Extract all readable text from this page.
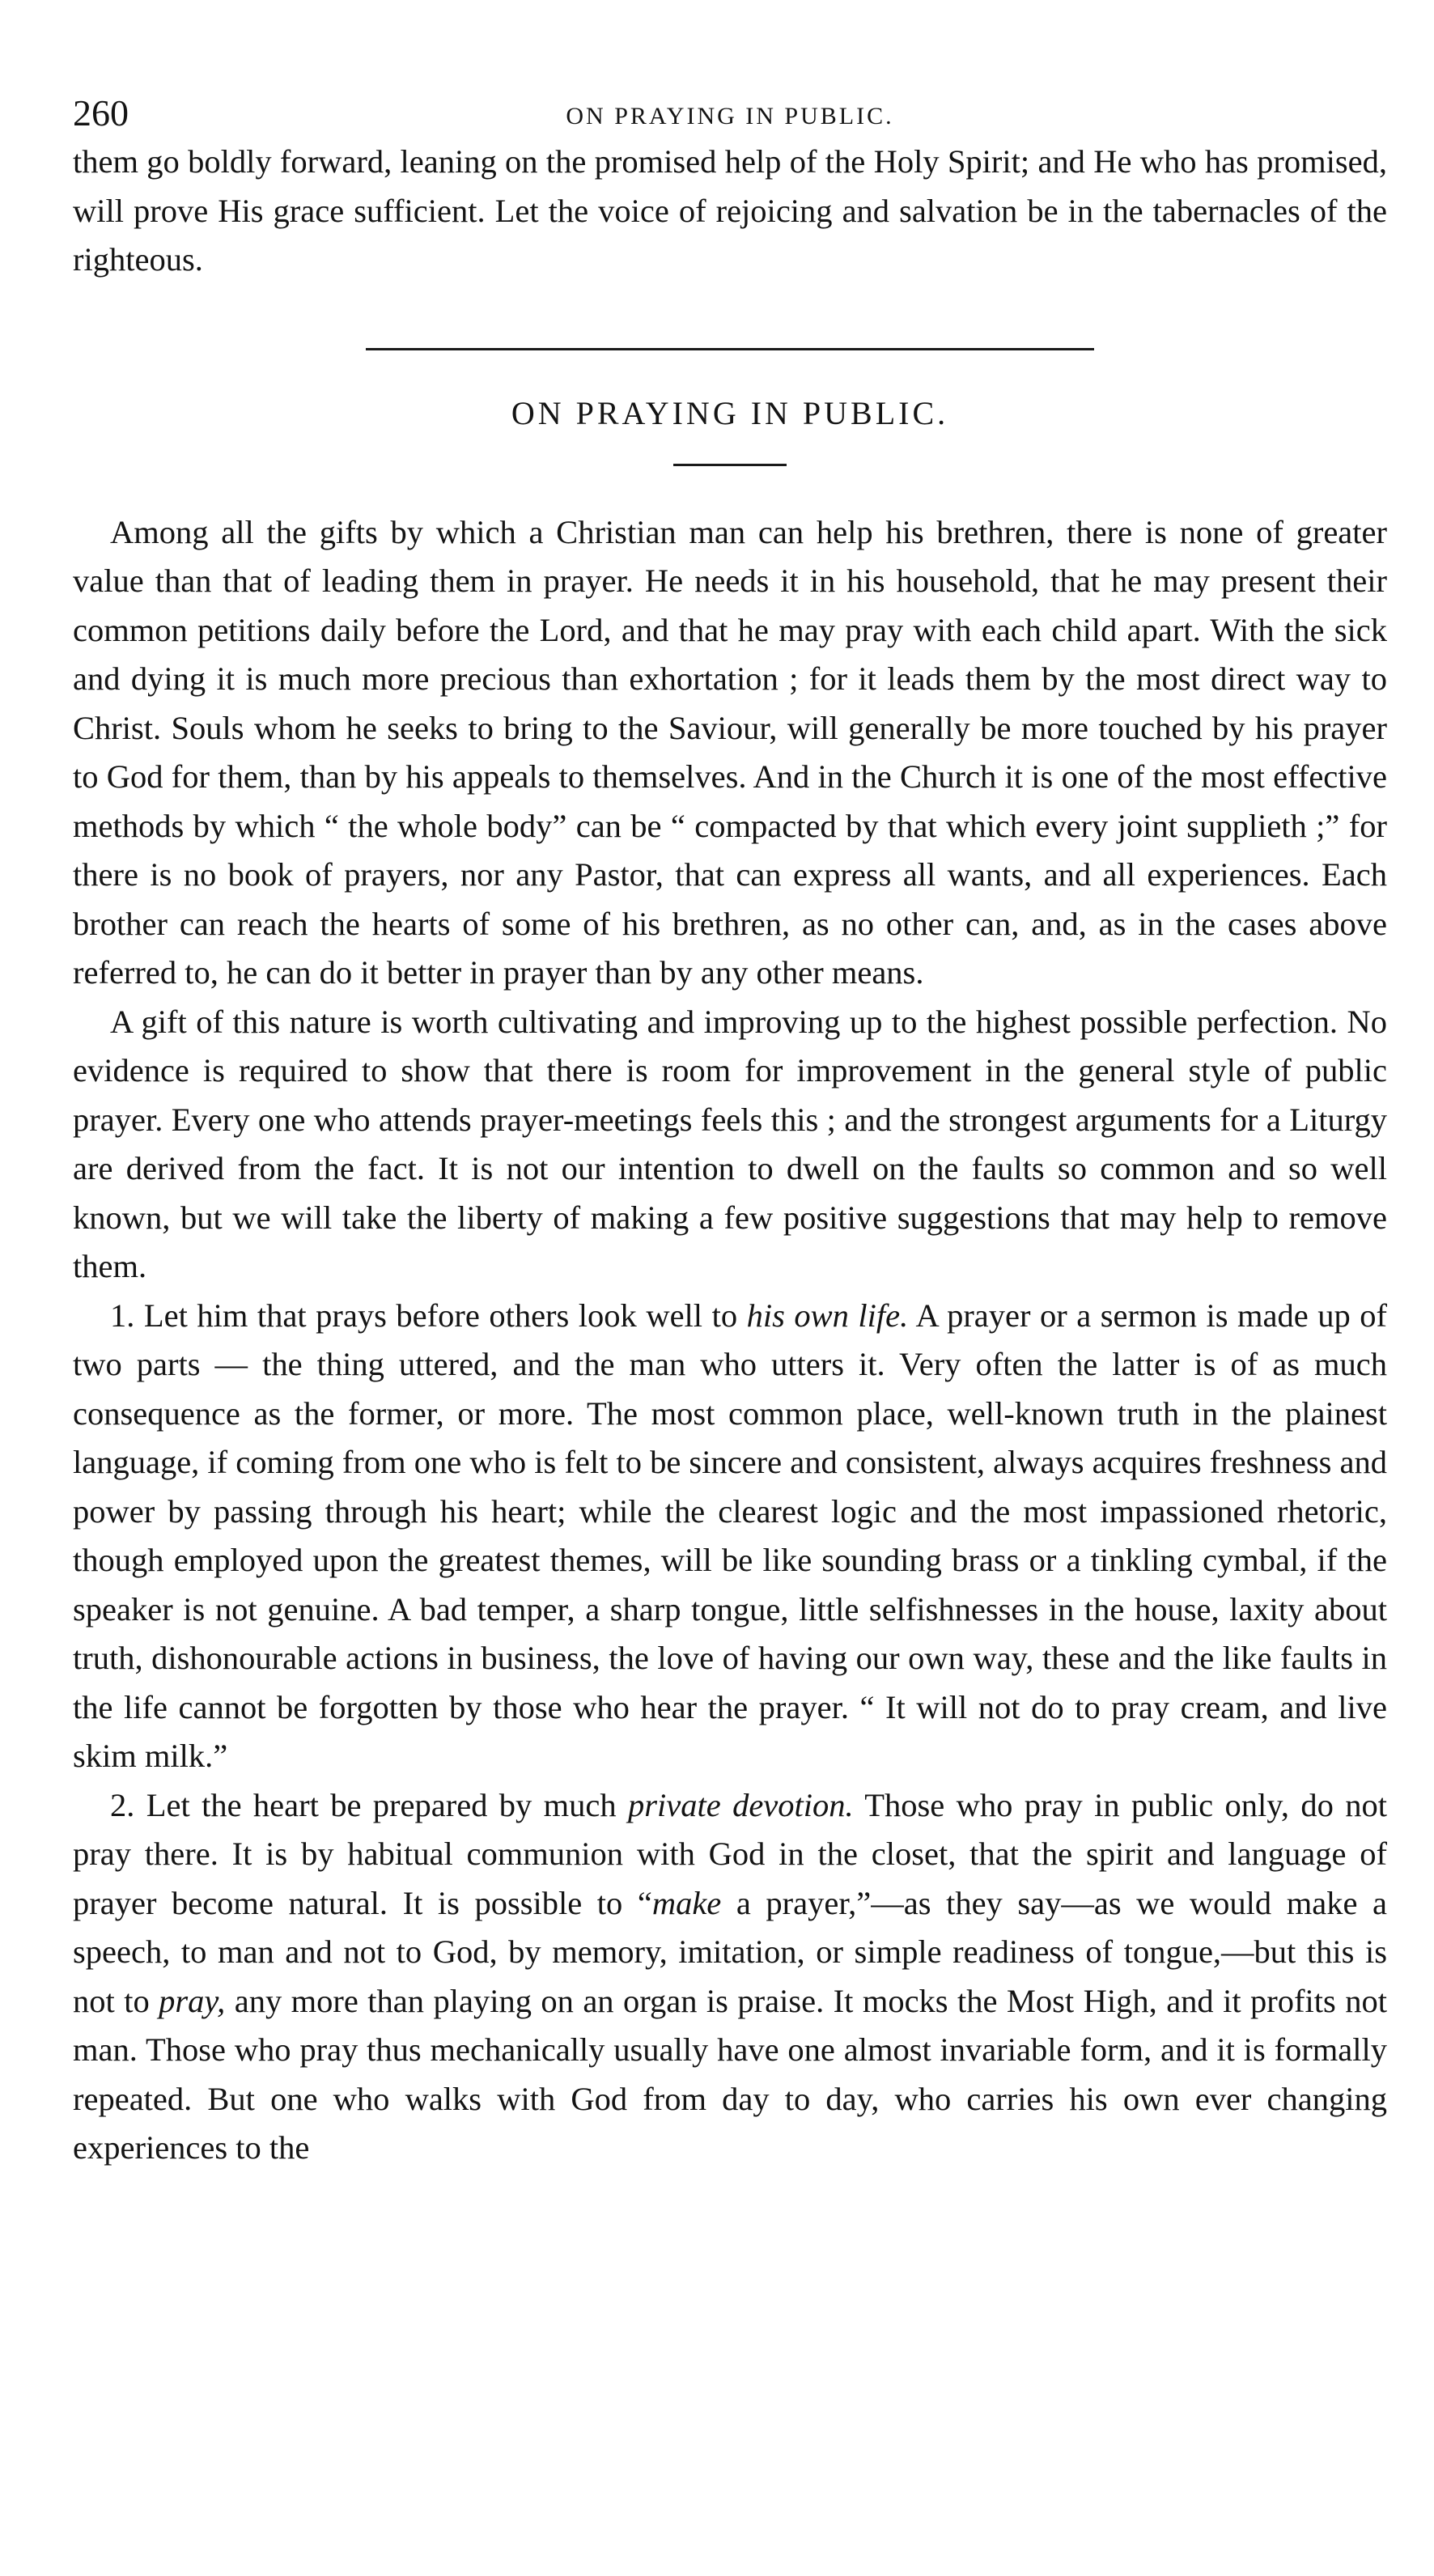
260	ON PRAYING IN PUBLIC.

them go boldly forward, leaning on the promised help of the Holy Spirit; and He who has promised, will prove His grace sufficient. Let the voice of rejoicing and salvation be in the tabernacles of the righteous.

ON PRAYING IN PUBLIC.

Among all the gifts by which a Christian man can help his brethren, there is none of greater value than that of leading them in prayer. He needs it in his household, that he may present their common petitions daily before the Lord, and that he may pray with each child apart. With the sick and dying it is much more precious than exhortation ; for it leads them by the most direct way to Christ. Souls whom he seeks to bring to the Saviour, will generally be more touched by his prayer to God for them, than by his appeals to themselves. And in the Church it is one of the most effective methods by which “ the whole body” can be “ compacted by that which every joint supplieth ;” for there is no book of prayers, nor any Pastor, that can express all wants, and all experiences. Each brother can reach the hearts of some of his brethren, as no other can, and, as in the cases above referred to, he can do it better in prayer than by any other means.

A gift of this nature is worth cultivating and improving up to the highest possible perfection. No evidence is required to show that there is room for improvement in the general style of public prayer. Every one who attends prayer-meetings feels this ; and the strongest arguments for a Liturgy are derived from the fact. It is not our intention to dwell on the faults so common and so well known, but we will take the liberty of making a few positive suggestions that may help to remove them.

1. Let him that prays before others look well to his own life. A prayer or a sermon is made up of two parts — the thing uttered, and the man who utters it. Very often the latter is of as much consequence as the former, or more. The most common place, well-known truth in the plainest language, if coming from one who is felt to be sincere and consistent, always acquires freshness and power by passing through his heart; while the clearest logic and the most impassioned rhetoric, though employed upon the greatest themes, will be like sounding brass or a tinkling cymbal, if the speaker is not genuine. A bad temper, a sharp tongue, little selfishnesses in the house, laxity about truth, dishonourable actions in business, the love of having our own way, these and the like faults in the life cannot be forgotten by those who hear the prayer. “ It will not do to pray cream, and live skim milk.”

2. Let the heart be prepared by much private devotion. Those who pray in public only, do not pray there. It is by habitual communion with God in the closet, that the spirit and language of prayer become natural. It is possible to “make a prayer,”—as they say—as we would make a speech, to man and not to God, by memory, imitation, or simple readiness of tongue,—but this is not to pray, any more than playing on an organ is praise. It mocks the Most High, and it profits not man. Those who pray thus mechanically usually have one almost invariable form, and it is formally repeated. But one who walks with God from day to day, who carries his own ever changing experiences to the
